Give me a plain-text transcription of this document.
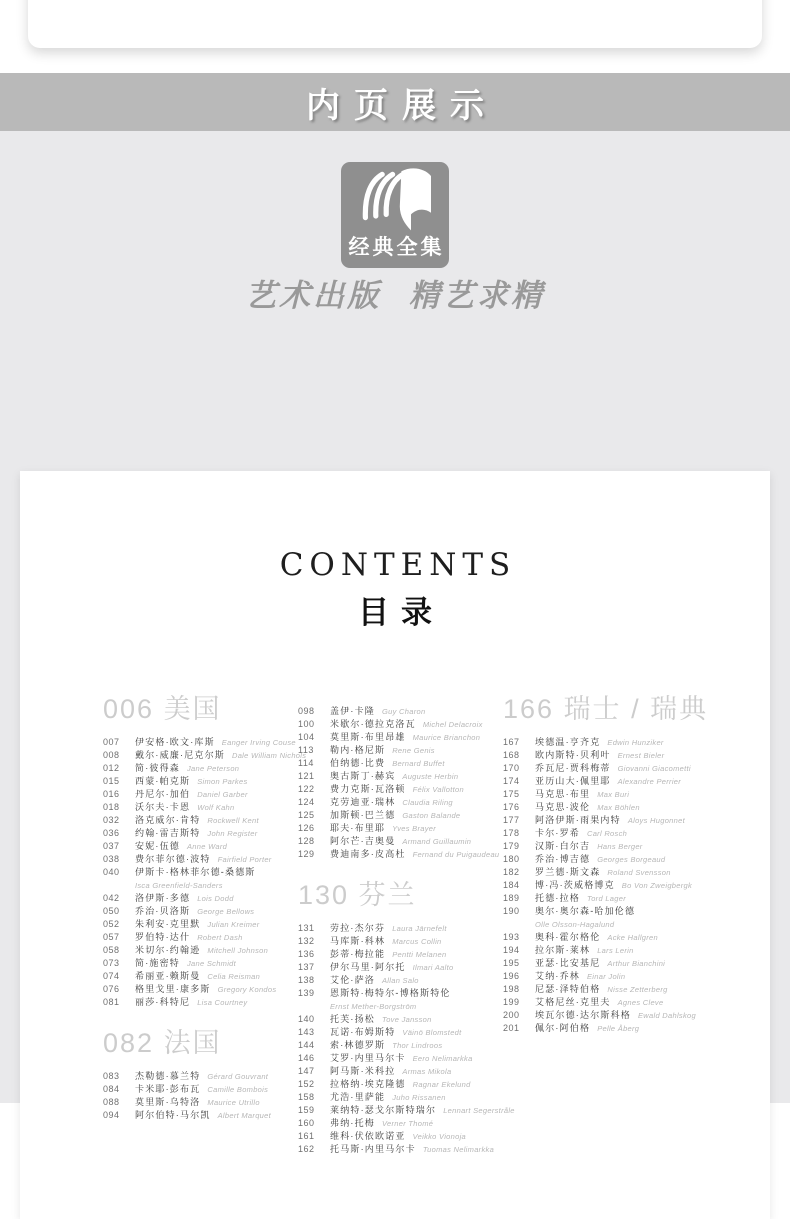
内页展示
经典全集
艺术出版 精艺求精
CONTENTS
目录
006 美国
007 伊安格·欧文·库斯 Eanger Irving Couse
008 戴尔·威廉·尼克尔斯 Dale William Nichols
012 简·彼得森 Jane Peterson
015 西蒙·帕克斯 Simon Parkes
016 丹尼尔·加伯 Daniel Garber
018 沃尔夫·卡恩 Wolf Kahn
032 洛克威尔·肯特 Rockwell Kent
036 约翰·雷吉斯特 John Register
037 安妮·伍德 Anne Ward
038 费尔菲尔德·波特 Fairfield Porter
040 伊斯卡·格林菲尔德-桑德斯
Isca Greenfield-Sanders
042 洛伊斯·多德 Lois Dodd
050 乔治·贝洛斯 George Bellows
052 朱利安·克里默 Julian Kreimer
057 罗伯特·达什 Robert Dash
058 米切尔·约翰逊 Mitchell Johnson
073 简·施密特 Jane Schmidt
074 希丽亚·赖斯曼 Celia Reisman
076 格里戈里·康多斯 Gregory Kondos
081 丽莎·科特尼 Lisa Courtney
082 法国
083 杰勒德·慕兰特 Gérard Gouvrant
084 卡米耶·彭布瓦 Camille Bombois
088 莫里斯·乌特洛 Maurice Utrillo
094 阿尔伯特·马尔凯 Albert Marquet
098 盖伊·卡隆 Guy Charon
100 米歇尔·德拉克洛瓦 Michel Delacroix
104 莫里斯·布里昂雄 Maurice Brianchon
113 勒内·格尼斯 Rene Genis
114 伯纳德·比费 Bernard Buffet
121 奥古斯丁·赫宾 Auguste Herbin
122 费力克斯·瓦洛顿 Félix Vallotton
124 克劳迪亚·瑞林 Claudia Riling
125 加斯顿·巴兰德 Gaston Balande
126 耶夫·布里耶 Yves Brayer
128 阿尔芒·吉奥曼 Armand Guillaumin
129 费迪南多·皮高杜 Fernand du Puigaudeau
130 芬兰
131 劳拉·杰尔芬 Laura Järnefelt
132 马库斯·科林 Marcus Collin
136 彭蒂·梅拉能 Pentti Melanen
137 伊尔马里·阿尔托 Ilmari Aalto
138 艾伦·萨洛 Allan Salo
139 恩斯特·梅特尔-博格斯特伦
Ernst Mether-Borgström
140 托芙·扬松 Tove Jansson
143 瓦诺·布姆斯特 Väinö Blomstedt
144 索·林德罗斯 Thor Lindroos
146 艾罗·内里马尔卡 Eero Nelimarkka
147 阿马斯·米科拉 Armas Mikola
152 拉格纳·埃克隆德 Ragnar Ekelund
158 尤浩·里萨能 Juho Rissanen
159 莱纳特·瑟戈尔斯特瑞尔 Lennart Segerstråle
160 弗纳·托梅 Verner Thomé
161 维科·伏依欧诺亚 Veikko Vionoja
162 托马斯·内里马尔卡 Tuomas Nelimarkka
166 瑞士 / 瑞典
167 埃德温·亨齐克 Edwin Hunziker
168 欧内斯特·贝利叶 Ernest Bieler
170 乔瓦尼·贾科梅蒂 Giovanni Giacometti
174 亚历山大·佩里耶 Alexandre Perrier
175 马克思·布里 Max Buri
176 马克思·波伦 Max Böhlen
177 阿洛伊斯·雨果内特 Aloys Hugonnet
178 卡尔·罗希 Carl Rosch
179 汉斯·白尔吉 Hans Berger
180 乔治·博吉德 Georges Borgeaud
182 罗兰德·斯文森 Roland Svensson
184 博·冯·茨威格博克 Bo Von Zweigbergk
189 托德·拉格 Tord Lager
190 奥尔·奥尔森-哈加伦德
Olle Olsson-Hagalund
193 奥科·霍尔格伦 Acke Hallgren
194 拉尔斯·莱林 Lars Lerin
195 亚瑟·比安基尼 Arthur Bianchini
196 艾纳·乔林 Einar Jolin
198 尼瑟·泽特伯格 Nisse Zetterberg
199 艾格尼丝·克里夫 Agnes Cleve
200 埃瓦尔德·达尔斯科格 Ewald Dahlskog
201 佩尔·阿伯格 Pelle Åberg
